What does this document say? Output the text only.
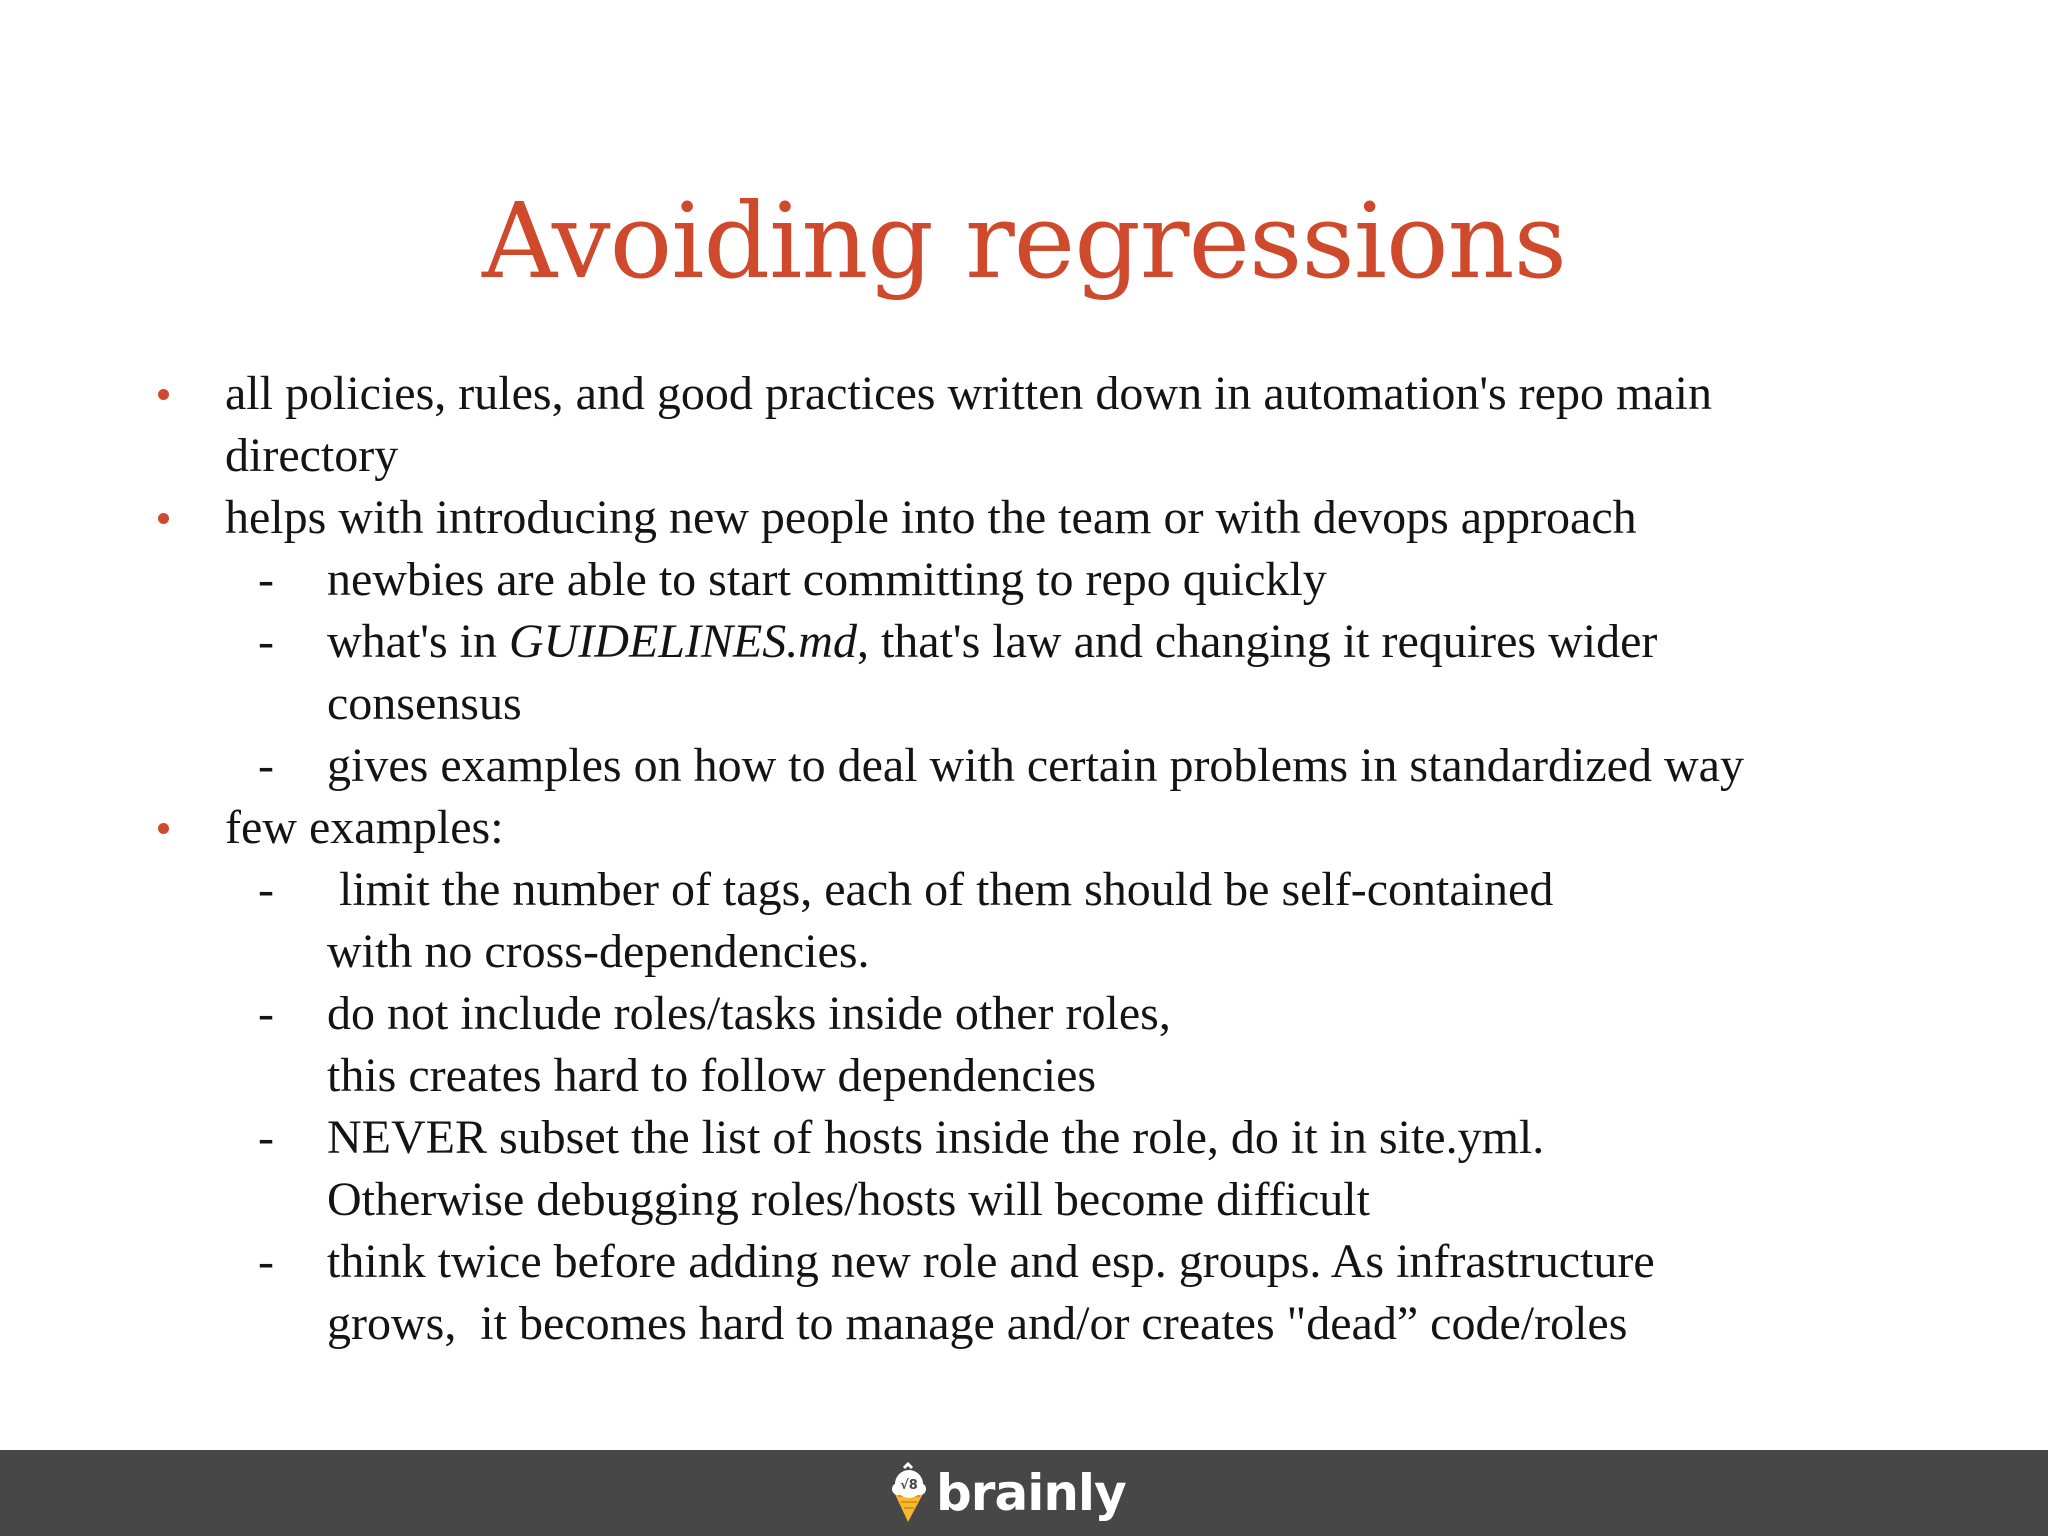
Avoiding regressions
all policies, rules, and good practices written down in automation's repo main
directory
helps with introducing new people into the team or with devops approach
- newbies are able to start committing to repo quickly
- what's in GUIDELINES.md, that's law and changing it requires wider
consensus
- gives examples on how to deal with certain problems in standardized way
few examples:
- limit the number of tags, each of them should be self-contained
with no cross-dependencies.
- do not include roles/tasks inside other roles,
this creates hard to follow dependencies
- NEVER subset the list of hosts inside the role, do it in site.yml.
Otherwise debugging roles/hosts will become difficult
- think twice before adding new role and esp. groups. As infrastructure
grows,  it becomes hard to manage and/or creates "dead” code/roles
√8 brainly
